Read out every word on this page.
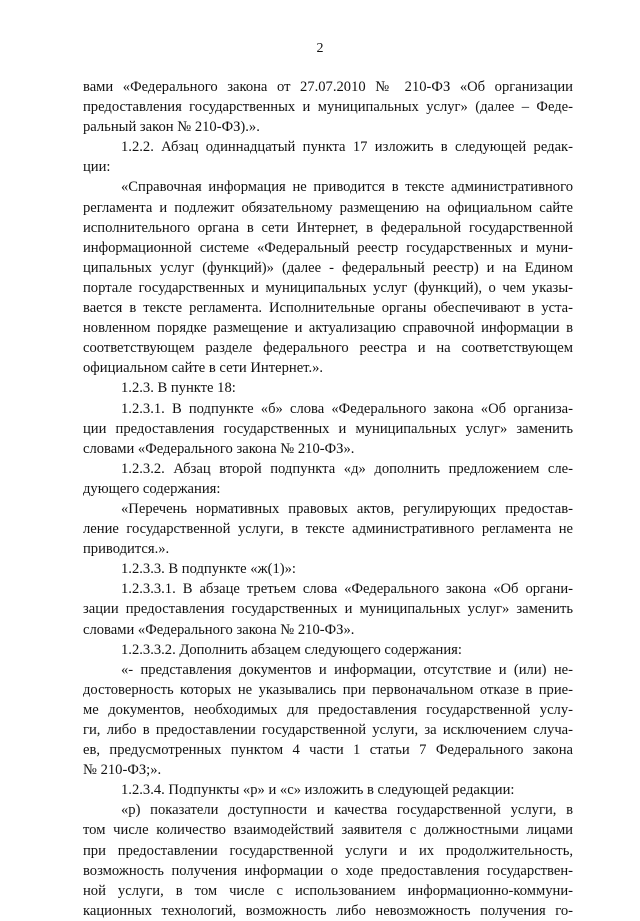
2
вами «Федерального закона от 27.07.2010 № 210-ФЗ «Об организации
предоставления государственных и муниципальных услуг» (далее – Феде-
ральный закон № 210-ФЗ).».
1.2.2. Абзац одиннадцатый пункта 17 изложить в следующей редак-
ции:
«Справочная информация не приводится в тексте административного
регламента и подлежит обязательному размещению на официальном сайте
исполнительного органа в сети Интернет, в федеральной государственной
информационной системе «Федеральный реестр государственных и муни-
ципальных услуг (функций)» (далее - федеральный реестр) и на Едином
портале государственных и муниципальных услуг (функций), о чем указы-
вается в тексте регламента. Исполнительные органы обеспечивают в уста-
новленном порядке размещение и актуализацию справочной информации в
соответствующем разделе федерального реестра и на соответствующем
официальном сайте в сети Интернет.».
1.2.3. В пункте 18:
1.2.3.1. В подпункте «б» слова «Федерального закона «Об организа-
ции предоставления государственных и муниципальных услуг» заменить
словами «Федерального закона № 210-ФЗ».
1.2.3.2. Абзац второй подпункта «д» дополнить предложением сле-
дующего содержания:
«Перечень нормативных правовых актов, регулирующих предостав-
ление государственной услуги, в тексте административного регламента не
приводится.».
1.2.3.3. В подпункте «ж(1)»:
1.2.3.3.1. В абзаце третьем слова «Федерального закона «Об органи-
зации предоставления государственных и муниципальных услуг» заменить
словами «Федерального закона № 210-ФЗ».
1.2.3.3.2. Дополнить абзацем следующего содержания:
«- представления документов и информации, отсутствие и (или) не-
достоверность которых не указывались при первоначальном отказе в прие-
ме документов, необходимых для предоставления государственной услу-
ги, либо в предоставлении государственной услуги, за исключением случа-
ев, предусмотренных пунктом 4 части 1 статьи 7 Федерального закона
№ 210-ФЗ;».
1.2.3.4. Подпункты «р» и «с» изложить в следующей редакции:
«р) показатели доступности и качества государственной услуги, в
том числе количество взаимодействий заявителя с должностными лицами
при предоставлении государственной услуги и их продолжительность,
возможность получения информации о ходе предоставления государствен-
ной услуги, в том числе с использованием информационно-коммуни-
кационных технологий, возможность либо невозможность получения го-
